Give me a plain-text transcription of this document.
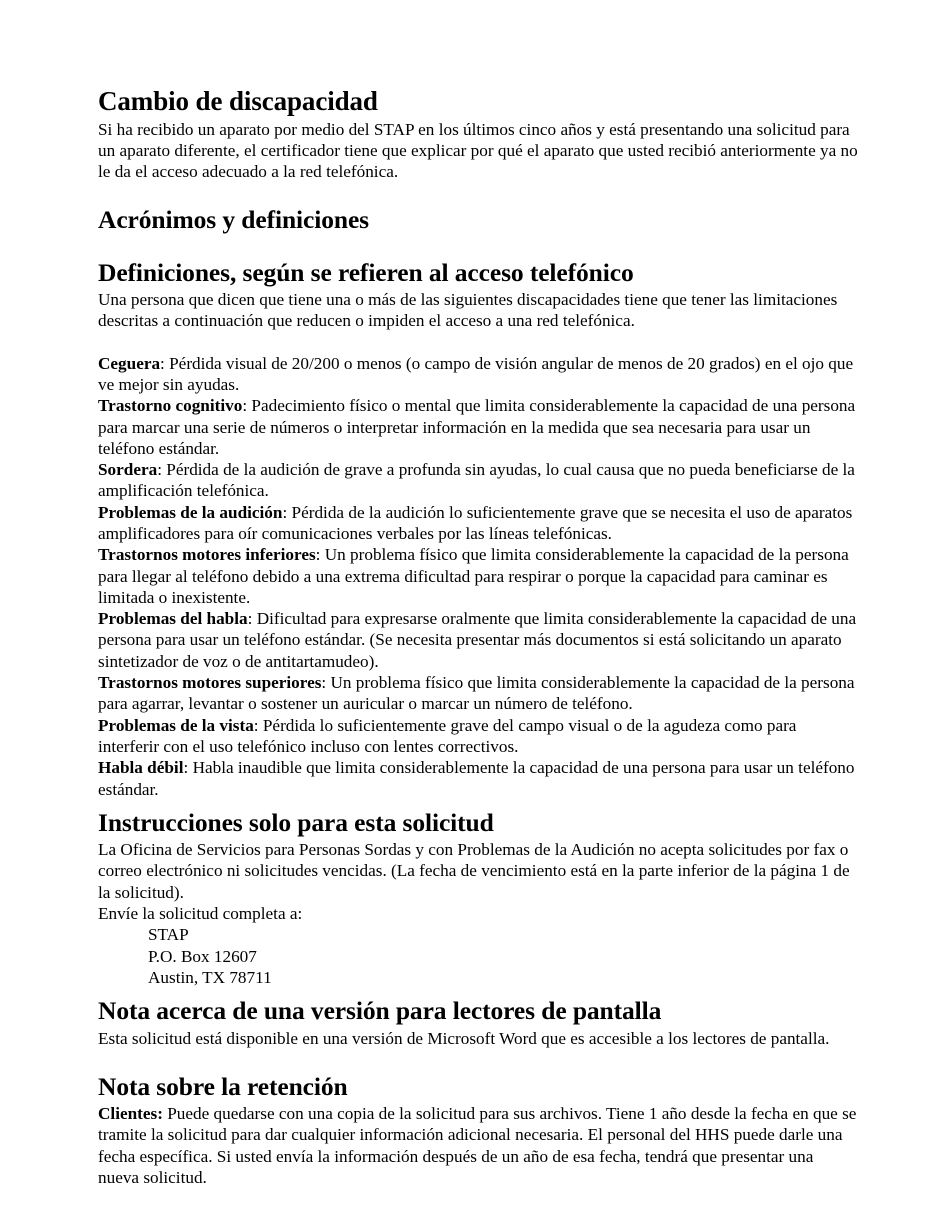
Cambio de discapacidad

Si ha recibido un aparato por medio del STAP en los últimos cinco años y está presentando una solicitud para un aparato diferente, el certificador tiene que explicar por qué el aparato que usted recibió anteriormente ya no le da el acceso adecuado a la red telefónica.

Acrónimos y definiciones
Definiciones, según se refieren al acceso telefónico

Una persona que dicen que tiene una o más de las siguientes discapacidades tiene que tener las limitaciones descritas a continuación que reducen o impiden el acceso a una red telefónica.

Ceguera: Pérdida visual de 20/200 o menos (o campo de visión angular de menos de 20 grados) en el ojo que ve mejor sin ayudas.

Trastorno cognitivo: Padecimiento físico o mental que limita considerablemente la capacidad de una persona para marcar una serie de números o interpretar información en la medida que sea necesaria para usar un teléfono estándar.

Sordera: Pérdida de la audición de grave a profunda sin ayudas, lo cual causa que no pueda beneficiarse de la amplificación telefónica.

Problemas de la audición: Pérdida de la audición lo suficientemente grave que se necesita el uso de aparatos amplificadores para oír comunicaciones verbales por las líneas telefónicas.

Trastornos motores inferiores: Un problema físico que limita considerablemente la capacidad de la persona para llegar al teléfono debido a una extrema dificultad para respirar o porque la capacidad para caminar es limitada o inexistente.

Problemas del habla: Dificultad para expresarse oralmente que limita considerablemente la capacidad de una persona para usar un teléfono estándar. (Se necesita presentar más documentos si está solicitando un aparato sintetizador de voz o de antitartamudeo).

Trastornos motores superiores: Un problema físico que limita considerablemente la capacidad de la persona para agarrar, levantar o sostener un auricular o marcar un número de teléfono.

Problemas de la vista: Pérdida lo suficientemente grave del campo visual o de la agudeza como para interferir con el uso telefónico incluso con lentes correctivos.

Habla débil: Habla inaudible que limita considerablemente la capacidad de una persona para usar un teléfono estándar.

Instrucciones solo para esta solicitud

La Oficina de Servicios para Personas Sordas y con Problemas de la Audición no acepta solicitudes por fax o correo electrónico ni solicitudes vencidas. (La fecha de vencimiento está en la parte inferior de la página 1 de la solicitud).

Envíe la solicitud completa a:

STAP
P.O. Box 12607
Austin, TX 78711
Nota acerca de una versión para lectores de pantalla

Esta solicitud está disponible en una versión de Microsoft Word que es accesible a los lectores de pantalla.

Nota sobre la retención

Clientes: Puede quedarse con una copia de la solicitud para sus archivos. Tiene 1 año desde la fecha en que se tramite la solicitud para dar cualquier información adicional necesaria. El personal del HHS puede darle una fecha específica. Si usted envía la información después de un año de esa fecha, tendrá que presentar una nueva solicitud.
